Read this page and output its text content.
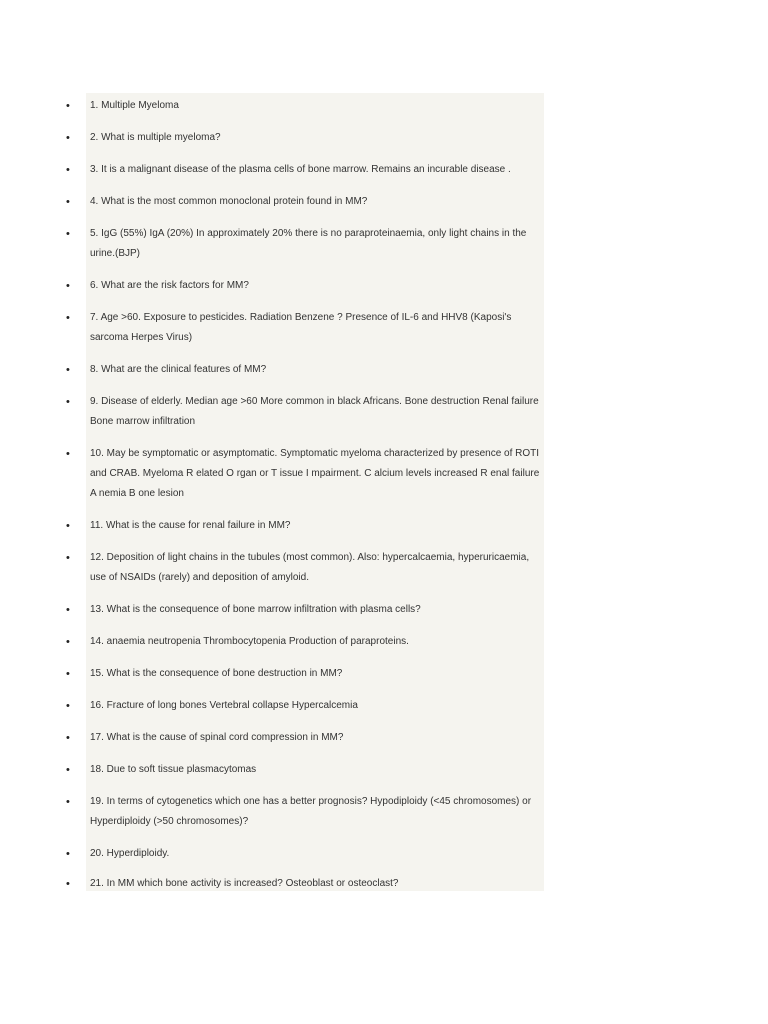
• 1. Multiple Myeloma
• 2. What is multiple myeloma?
• 3. It is a malignant disease of the plasma cells of bone marrow. Remains an incurable disease .
• 4. What is the most common monoclonal protein found in MM?
• 5. IgG (55%) IgA (20%) In approximately 20% there is no paraproteinaemia, only light chains in the urine.(BJP)
• 6. What are the risk factors for MM?
• 7. Age >60. Exposure to pesticides. Radiation Benzene ? Presence of IL-6 and HHV8 (Kaposi's sarcoma Herpes Virus)
• 8. What are the clinical features of MM?
• 9. Disease of elderly. Median age >60 More common in black Africans. Bone destruction Renal failure Bone marrow infiltration
• 10. May be symptomatic or asymptomatic. Symptomatic myeloma characterized by presence of ROTI and CRAB. Myeloma R elated O rgan or T issue I mpairment. C alcium levels increased R enal failure A nemia B one lesion
• 11. What is the cause for renal failure in MM?
• 12. Deposition of light chains in the tubules (most common). Also: hypercalcaemia, hyperuricaemia, use of NSAIDs (rarely) and deposition of amyloid.
• 13. What is the consequence of bone marrow infiltration with plasma cells?
• 14. anaemia neutropenia Thrombocytopenia Production of paraproteins.
• 15. What is the consequence of bone destruction in MM?
• 16. Fracture of long bones Vertebral collapse Hypercalcemia
• 17. What is the cause of spinal cord compression in MM?
• 18. Due to soft tissue plasmacytomas
• 19. In terms of cytogenetics which one has a better prognosis? Hypodiploidy (<45 chromosomes) or Hyperdiploidy (>50 chromosomes)?
• 20. Hyperdiploidy.
• 21. In MM which bone activity is increased? Osteoblast or osteoclast?
